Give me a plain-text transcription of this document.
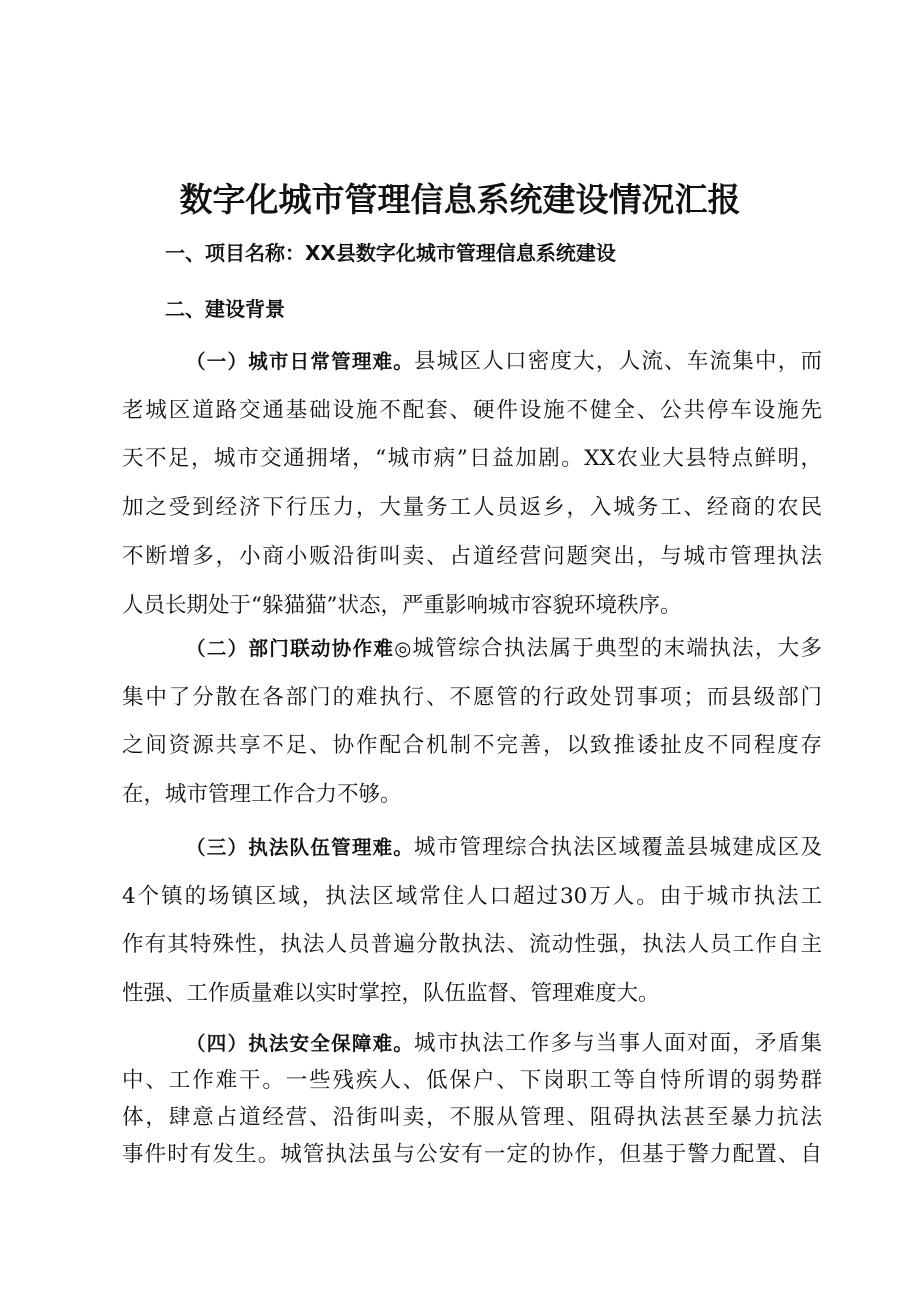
数字化城市管理信息系统建设情况汇报
一、项目名称：XX县数字化城市管理信息系统建设
二、建设背景
（一）城市日常管理难。县城区人口密度大，人流、车流集中，而
老城区道路交通基础设施不配套、硬件设施不健全、公共停车设施先
天不足，城市交通拥堵，“城市病”日益加剧。XX农业大县特点鲜明，
加之受到经济下行压力，大量务工人员返乡，入城务工、经商的农民
不断增多，小商小贩沿街叫卖、占道经营问题突出，与城市管理执法
人员长期处于“躲猫猫”状态，严重影响城市容貌环境秩序。
（二）部门联动协作难◎城管综合执法属于典型的末端执法，大多
集中了分散在各部门的难执行、不愿管的行政处罚事项；而县级部门
之间资源共享不足、协作配合机制不完善，以致推诿扯皮不同程度存
在，城市管理工作合力不够。
（三）执法队伍管理难。城市管理综合执法区域覆盖县城建成区及
4个镇的场镇区域，执法区域常住人口超过30万人。由于城市执法工
作有其特殊性，执法人员普遍分散执法、流动性强，执法人员工作自主
性强、工作质量难以实时掌控，队伍监督、管理难度大。
（四）执法安全保障难。城市执法工作多与当事人面对面，矛盾集
中、工作难干。一些残疾人、低保户、下岗职工等自恃所谓的弱势群
体，肆意占道经营、沿街叫卖，不服从管理、阻碍执法甚至暴力抗法
事件时有发生。城管执法虽与公安有一定的协作，但基于警力配置、自
